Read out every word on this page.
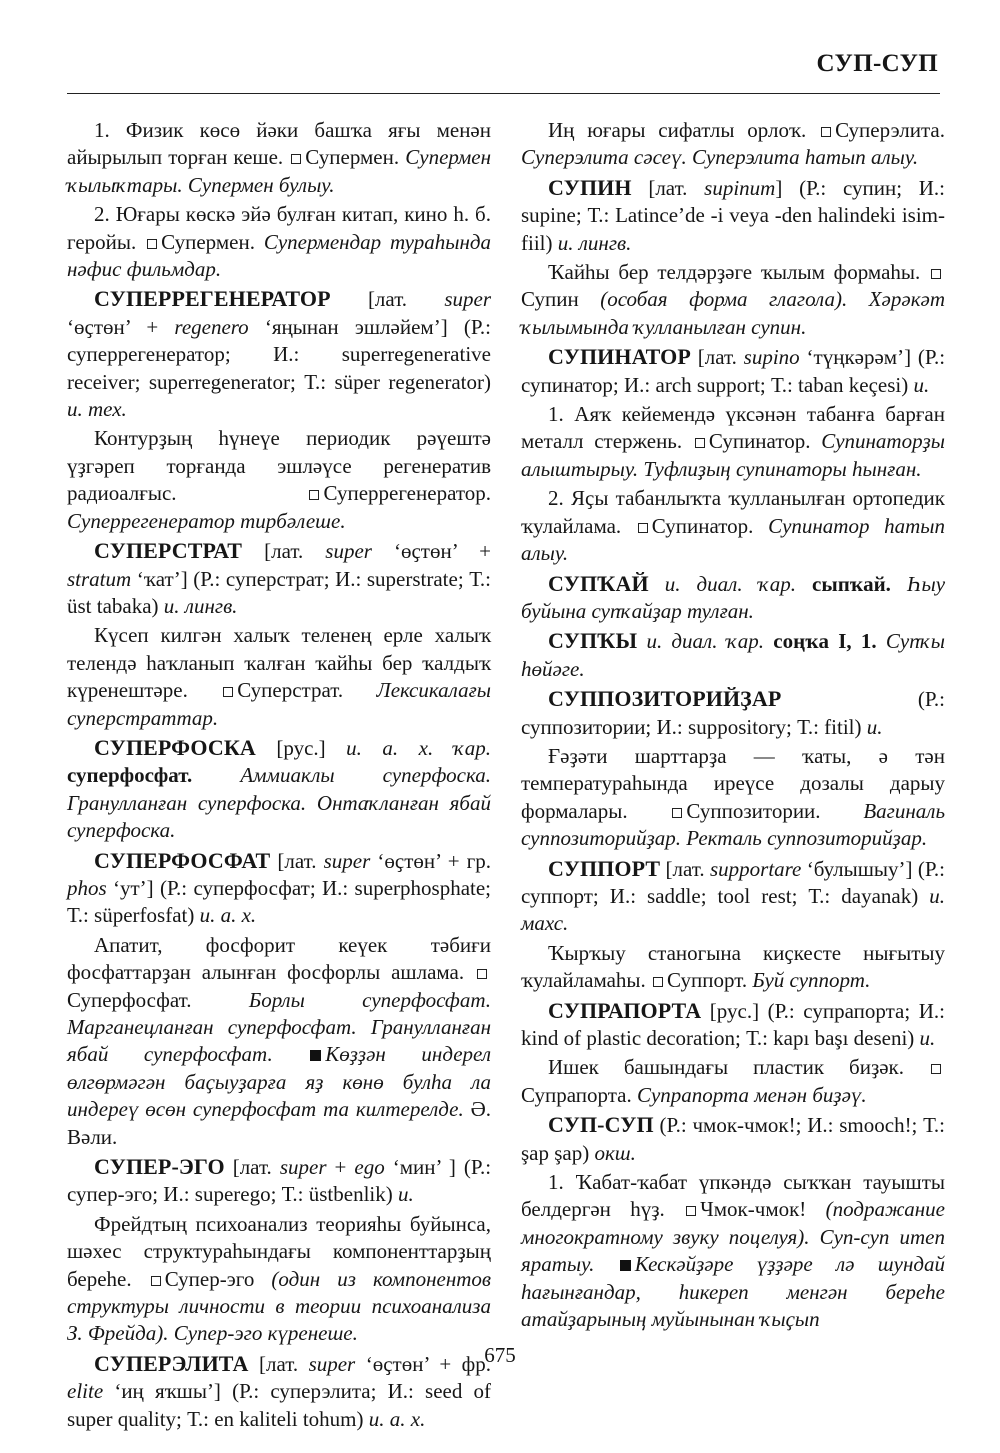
СУП-СУП

1. Физик көсө йәки башҡа яғы менән айырылып торған кеше. Супермен. Супермен ҡылыҡтары. Супермен булыу.

2. Юғары көскә эйә булған китап, кино һ. б. геройы. Супермен. Супермендар тураһында нәфис фильмдар.

СУПЕРРЕГЕНЕРАТОР [лат. super ‘өҫтөн’ + regenero ‘яңынан эшләйем’] (Р.: суперрегенератор; И.: superregenerative receiver; superregenerator; Т.: süper regenerator) и. тех.

Контурҙың һүнеүе периодик рәүештә үҙгәреп торғанда эшләүсе регенератив радиоалғыс.	Суперрегенератор. Суперрегенератор тирбәлеше.

СУПЕРСТРАТ [лат. super ‘өҫтөн’ + stratum ‘ҡат’] (Р.: суперстрат; И.: superstrate; Т.: üst tabaka) и. лингв.

Күсеп килгән халыҡ теленең ерле халыҡ телендә һаҡланып ҡалған ҡайһы бер ҡалдыҡ күренештәре. Суперстрат. Лексикалағы суперстраттар.

СУПЕРФОСКА [рус.] и. а. х. ҡар. суперфосфат. Аммиаклы суперфоска. Гранулланған суперфоска. Онтаҡланған ябай суперфоска.

СУПЕРФОСФАТ [лат. super ‘өҫтөн’ + гр. phos ‘ут’] (Р.: суперфосфат; И.: superphosphate; Т.: süperfosfat) и. а. х.

Апатит, фосфорит кеүек тәбиғи фосфаттарҙан алынған фосфорлы ашлама. Суперфосфат.	Борлы суперфосфат. Марганецланған суперфосфат. Гранулланған ябай суперфосфат.	Көҙҙән индерел өлгөрмәгән баҫыуҙарға яҙ көнө булһа ла индереү өсөн суперфосфат та килтерелде. Ә. Вәли.

СУПЕР-ЭГО [лат. super + ego ‘мин’ ] (Р.: супер-эго; И.: superego; Т.: üstbenlik) и.

Фрейдтың психоанализ теорияһы буйынса, шәхес структураһындағы компоненттарҙың береһе. Супер-эго (один из компонентов структуры личности в теории психоанализа З. Фрейда). Супер-эго күренеше.

СУПЕРЭЛИТА [лат. super ‘өҫтөн’ + фр. elite ‘иң яҡшы’] (Р.: суперэлита; И.: seed of super quality; Т.: en kaliteli tohum) и. а. х.

Иң юғары сифатлы орлоҡ. Суперэлита. Суперэлита сәсеү. Суперэлита һатып алыу.

СУПИН [лат. supinum] (Р.: супин; И.: supine; Т.: Latince’de -i veya -den halindeki isim-fiil) и. лингв.

Ҡайһы бер телдәрҙәге ҡылым формаһы. Супин (особая форма глагола). Хәрәкәт ҡылымында ҡулланылған супин.

СУПИНАТОР [лат. supino ‘түңкәрәм’] (Р.: супинатор; И.: arch support; Т.: taban keçesi) и.

1. Аяҡ кейемендә үксәнән табанға барған металл стержень. Супинатор. Супинаторҙы алыштырыу. Туфлиҙың супинаторы һынған.

2. Яҫы табанлыҡта ҡулланылған ортопедик ҡулайлама. Супинатор. Супинатор һатып алыу.

СУПҠАЙ и. диал. ҡар. сыпҡай. Һыу буйына супҡайҙар тулған.

СУПҠЫ и. диал. ҡар. соңҡа I, 1. Супҡы һөйәге.

СУППОЗИТОРИЙҘАР	(Р.: суппозитории; И.: suppository; Т.: fitil) и.

Ғәҙәти шарттарҙа — ҡаты, ә тән температураһында иреүсе дозалы дарыу формалары.	Суппозитории. Вагиналь суппозиторийҙар. Ректаль суппозиторийҙар.

СУППОРТ [лат. supportare ‘булышыу’] (Р.: суппорт; И.: saddle; tool rest; Т.: dayanak) и. махс.

Ҡырҡыу станогына киҫкесте нығытыу ҡулайламаһы. Суппорт. Буй суппорт.

СУПРАПОРТА [рус.] (Р.: супрапорта; И.: kind of plastic decoration; Т.: kapı başı deseni) и.

Ишек башындағы пластик биҙәк. Супрапорта. Супрапорта менән биҙәү.

СУП-СУП (Р.: чмок-чмок!; И.: smooch!; Т.: şap şap) окш.

1. Ҡабат-ҡабат үпкәндә сыҡҡан тауышты белдергән һүҙ. Чмок-чмок! (подражание многократному звуку поцелуя). Суп-суп итеп яратыу. Кескәйҙәре үҙҙәре лә шундай һағынғандар, һикереп менгән береһе атайҙарының муйынынан ҡыҫып

675
